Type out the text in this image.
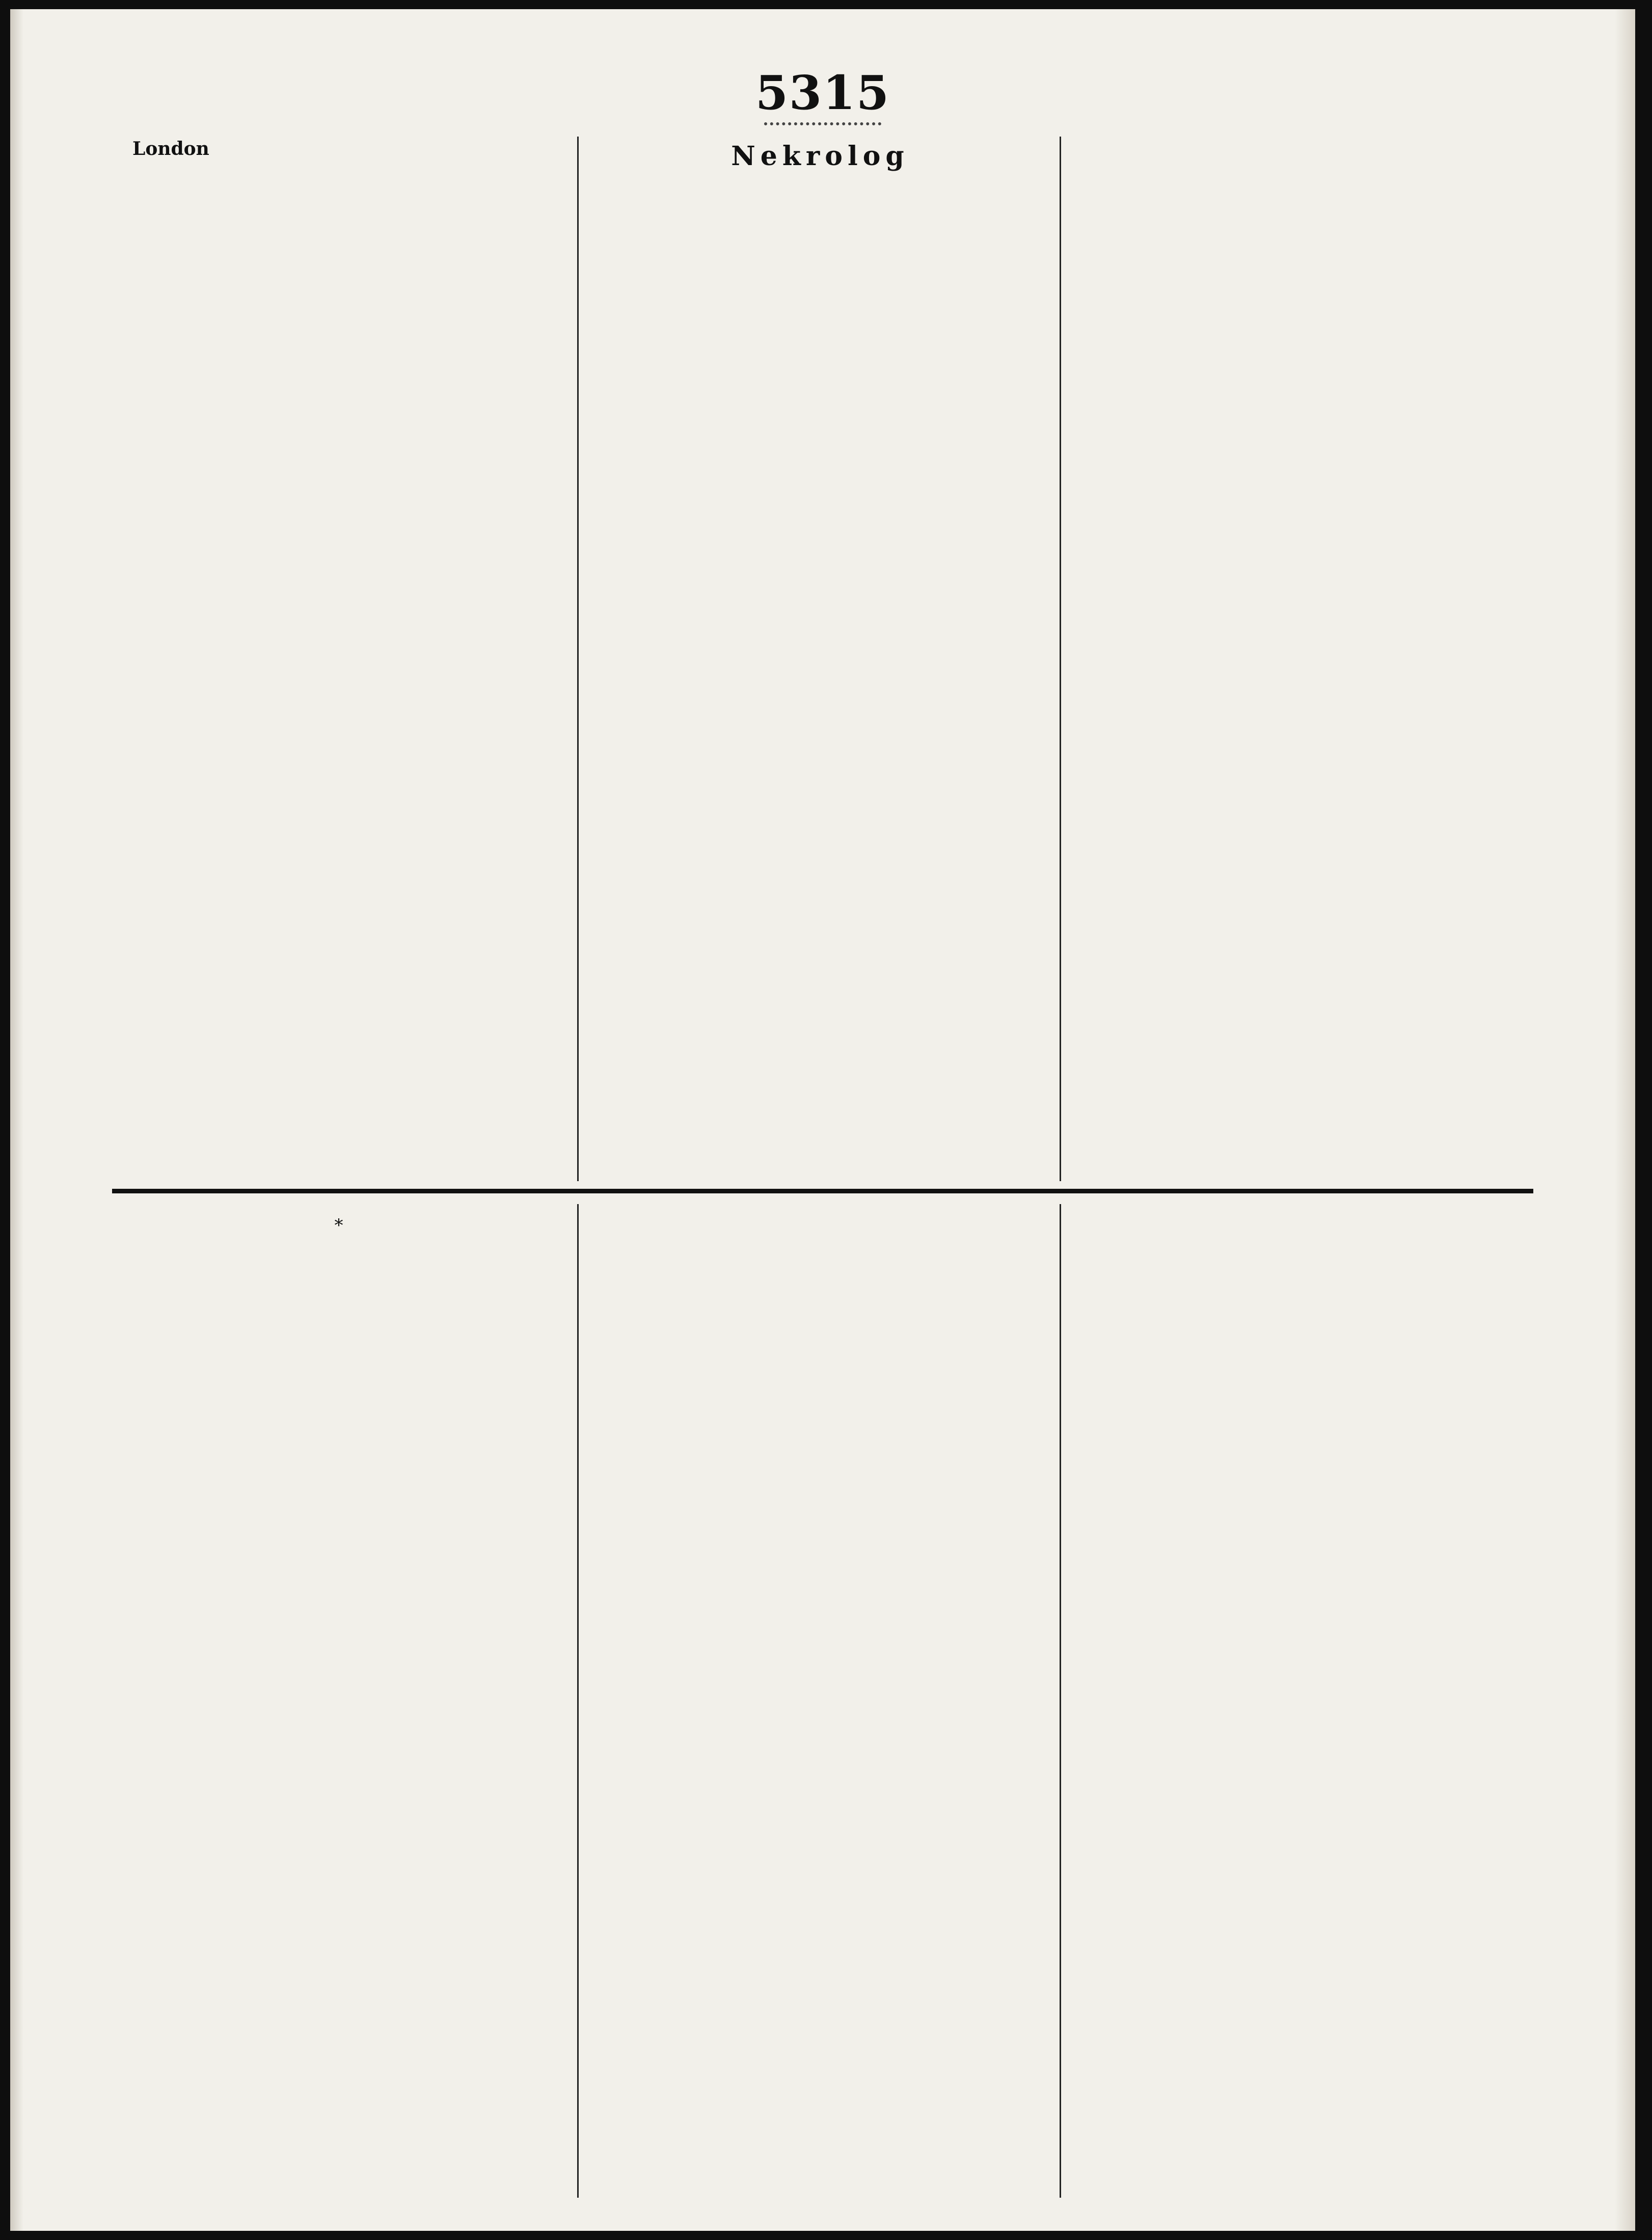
5315

London	Nekrolog

*
